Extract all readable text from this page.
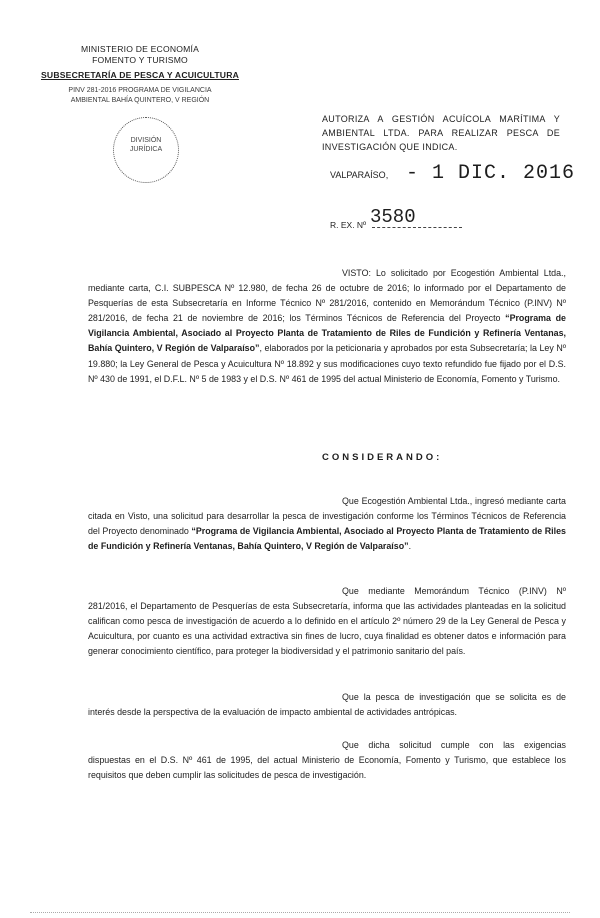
MINISTERIO DE ECONOMÍA
FOMENTO Y TURISMO
SUBSECRETARÍA DE PESCA Y ACUICULTURA
PINV 281-2016 PROGRAMA DE VIGILANCIA
AMBIENTAL BAHÍA QUINTERO, V REGIÓN
DIVISIÓN
JURÍDICA
AUTORIZA A GESTIÓN ACUÍCOLA MARÍTIMA Y AMBIENTAL LTDA. PARA REALIZAR PESCA DE INVESTIGACIÓN QUE INDICA.
VALPARAÍSO, - 1 DIC. 2016
R. EX. Nº 3580
VISTO: Lo solicitado por Ecogestión Ambiental Ltda., mediante carta, C.I. SUBPESCA Nº 12.980, de fecha 26 de octubre de 2016; lo informado por el Departamento de Pesquerías de esta Subsecretaría en Informe Técnico Nº 281/2016, contenido en Memorándum Técnico (P.INV) Nº 281/2016, de fecha 21 de noviembre de 2016; los Términos Técnicos de Referencia del Proyecto “Programa de Vigilancia Ambiental, Asociado al Proyecto Planta de Tratamiento de Riles de Fundición y Refinería Ventanas, Bahía Quintero, V Región de Valparaíso”, elaborados por la peticionaria y aprobados por esta Subsecretaría; la Ley Nº 19.880; la Ley General de Pesca y Acuicultura Nº 18.892 y sus modificaciones cuyo texto refundido fue fijado por el D.S. Nº 430 de 1991, el D.F.L. Nº 5 de 1983 y el D.S. Nº 461 de 1995 del actual Ministerio de Economía, Fomento y Turismo.
CONSIDERANDO:
Que Ecogestión Ambiental Ltda., ingresó mediante carta citada en Visto, una solicitud para desarrollar la pesca de investigación conforme los Términos Técnicos de Referencia del Proyecto denominado “Programa de Vigilancia Ambiental, Asociado al Proyecto Planta de Tratamiento de Riles de Fundición y Refinería Ventanas, Bahía Quintero, V Región de Valparaíso”.
Que mediante Memorándum Técnico (P.INV) Nº 281/2016, el Departamento de Pesquerías de esta Subsecretaría, informa que las actividades planteadas en la solicitud califican como pesca de investigación de acuerdo a lo definido en el artículo 2º número 29 de la Ley General de Pesca y Acuicultura, por cuanto es una actividad extractiva sin fines de lucro, cuya finalidad es obtener datos e información para generar conocimiento científico, para proteger la biodiversidad y el patrimonio sanitario del país.
Que la pesca de investigación que se solicita es de interés desde la perspectiva de la evaluación de impacto ambiental de actividades antrópicas.
Que dicha solicitud cumple con las exigencias dispuestas en el D.S. Nº 461 de 1995, del actual Ministerio de Economía, Fomento y Turismo, que establece los requisitos que deben cumplir las solicitudes de pesca de investigación.
